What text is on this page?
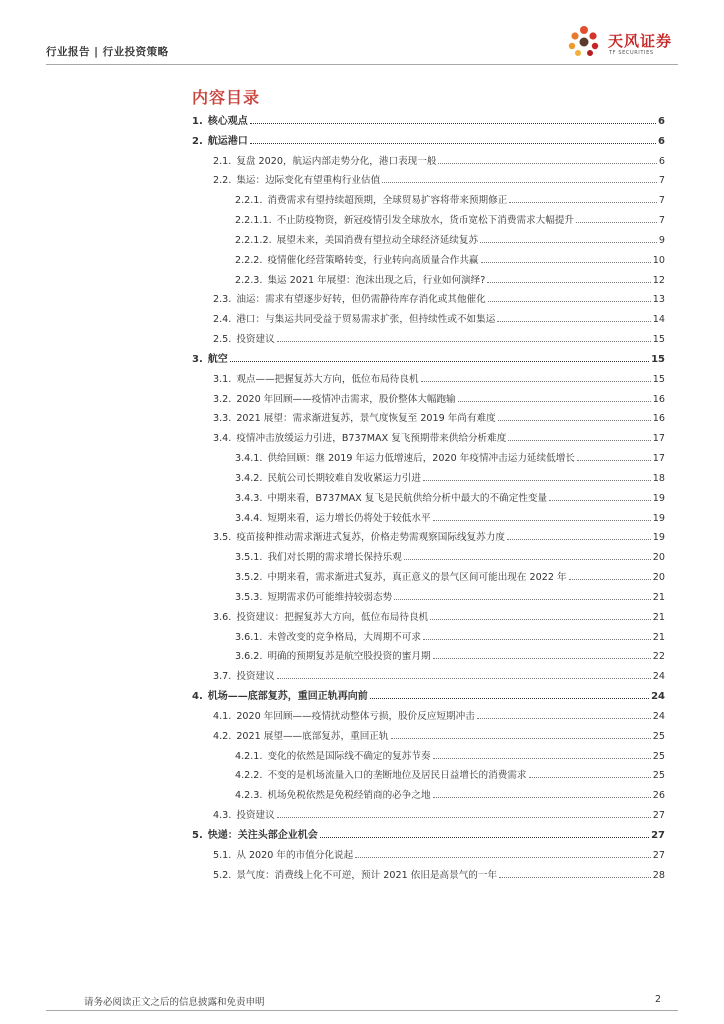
行业报告 | 行业投资策略
天风证券
TF SECURITIES
内容目录
1. 核心观点	6
2. 航运港口	6
2.1. 复盘 2020，航运内部走势分化，港口表现一般	6
2.2. 集运：边际变化有望重构行业估值	7
2.2.1. 消费需求有望持续超预期，全球贸易扩容将带来预期修正	7
2.2.1.1. 不止防疫物资，新冠疫情引发全球放水，货币宽松下消费需求大幅提升	7
2.2.1.2. 展望未来，美国消费有望拉动全球经济延续复苏	9
2.2.2. 疫情催化经营策略转变，行业转向高质量合作共赢	10
2.2.3. 集运 2021 年展望：泡沫出现之后，行业如何演绎?	12
2.3. 油运：需求有望逐步好转，但仍需静待库存消化或其他催化	13
2.4. 港口：与集运共同受益于贸易需求扩张，但持续性或不如集运	14
2.5. 投资建议	15
3. 航空	15
3.1. 观点——把握复苏大方向，低位布局待良机	15
3.2. 2020 年回顾——疫情冲击需求，股价整体大幅跑输	16
3.3. 2021 展望：需求渐进复苏，景气度恢复至 2019 年尚有难度	16
3.4. 疫情冲击放缓运力引进，B737MAX 复飞预期带来供给分析难度	17
3.4.1. 供给回顾：继 2019 年运力低增速后，2020 年疫情冲击运力延续低增长	17
3.4.2. 民航公司长期较难自发收紧运力引进	18
3.4.3. 中期来看，B737MAX 复飞是民航供给分析中最大的不确定性变量	19
3.4.4. 短期来看，运力增长仍将处于较低水平	19
3.5. 疫苗接种推动需求渐进式复苏，价格走势需观察国际线复苏力度	19
3.5.1. 我们对长期的需求增长保持乐观	20
3.5.2. 中期来看，需求渐进式复苏，真正意义的景气区间可能出现在 2022 年	20
3.5.3. 短期需求仍可能维持较弱态势	21
3.6. 投资建议：把握复苏大方向，低位布局待良机	21
3.6.1. 未曾改变的竞争格局，大周期不可求	21
3.6.2. 明确的预期复苏是航空股投资的蜜月期	22
3.7. 投资建议	24
4. 机场——底部复苏，重回正轨再向前	24
4.1. 2020 年回顾——疫情扰动整体亏损，股价反应短期冲击	24
4.2. 2021 展望——底部复苏，重回正轨	25
4.2.1. 变化的依然是国际线不确定的复苏节奏	25
4.2.2. 不变的是机场流量入口的垄断地位及居民日益增长的消费需求	25
4.2.3. 机场免税依然是免税经销商的必争之地	26
4.3. 投资建议	27
5. 快递：关注头部企业机会	27
5.1. 从 2020 年的市值分化说起	27
5.2. 景气度：消费线上化不可逆，预计 2021 依旧是高景气的一年	28
请务必阅读正文之后的信息披露和免责申明	2
